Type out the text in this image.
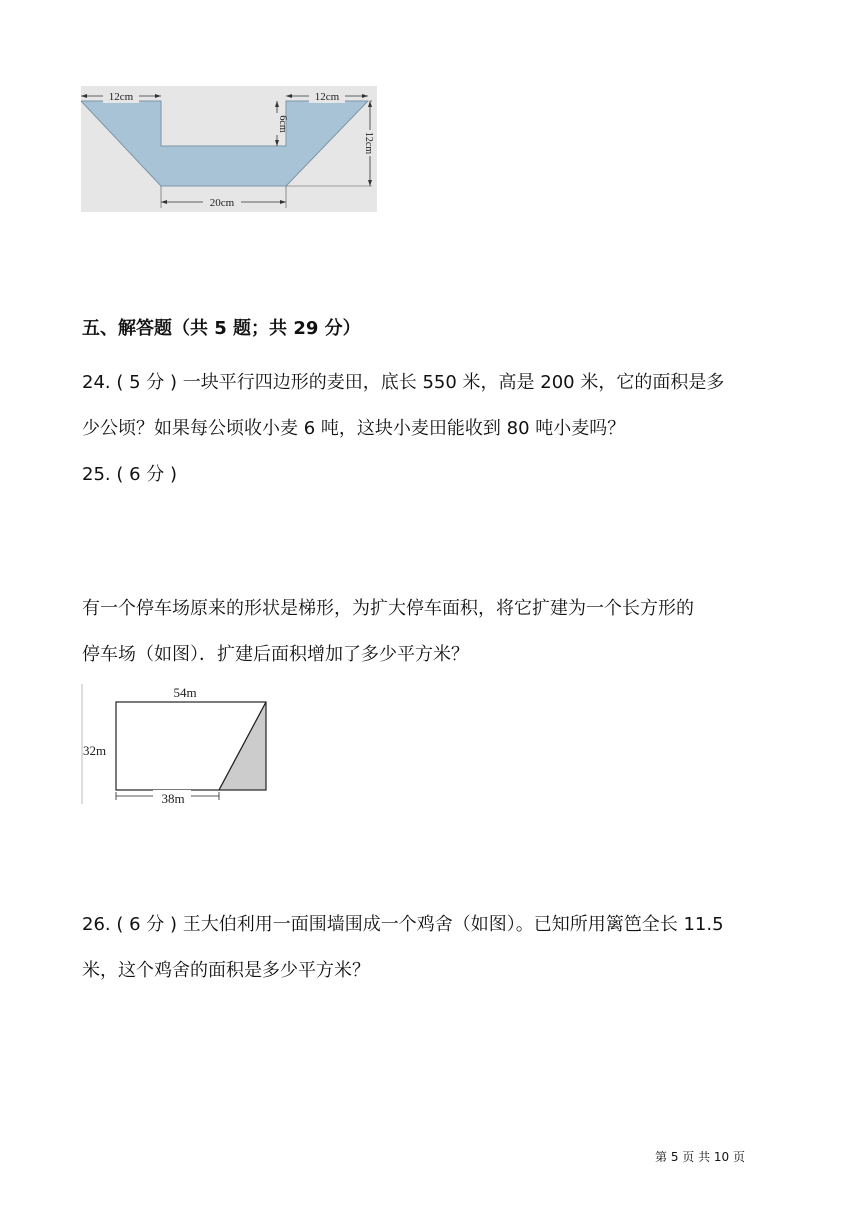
12cm	12cm
6cm
12cm
20cm
五、解答题（共 5 题；共 29 分）
24. ( 5 分 ) 一块平行四边形的麦田，底长 550 米，高是 200 米，它的面积是多
少公顷？如果每公顷收小麦 6 吨，这块小麦田能收到 80 吨小麦吗？
25. ( 6 分 )
有一个停车场原来的形状是梯形，为扩大停车面积，将它扩建为一个长方形的
停车场（如图）．扩建后面积增加了多少平方米？
54m
32m
38m
26. ( 6 分 ) 王大伯利用一面围墙围成一个鸡舍（如图）。已知所用篱笆全长 11.5
米，这个鸡舍的面积是多少平方米？
第 5 页 共 10 页
